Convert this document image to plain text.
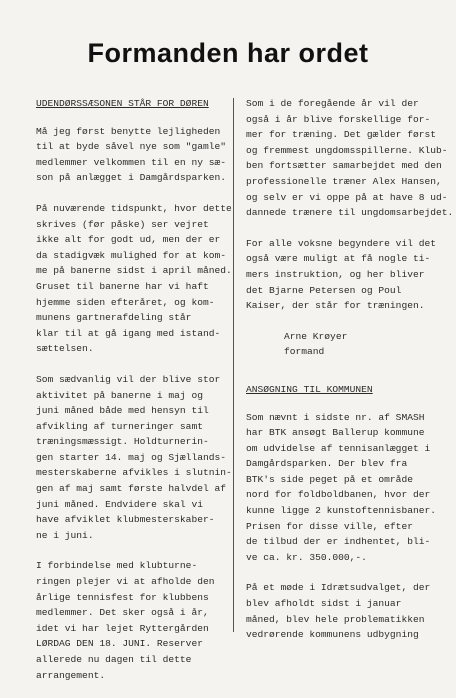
Formanden har ordet
UDENDØRSSÆSONEN STÅR FOR DØREN
Må jeg først benytte lejligheden
til at byde såvel nye som "gamle"
medlemmer velkommen til en ny sæ-
son på anlægget i Damgårdsparken.
På nuværende tidspunkt, hvor dette
skrives (før påske) ser vejret
ikke alt for godt ud, men der er
da stadigvæk mulighed for at kom-
me på banerne sidst i april måned.
Gruset til banerne har vi haft
hjemme siden efteråret, og kom-
munens gartnerafdeling står
klar til at gå igang med istand-
sættelsen.
Som sædvanlig vil der blive stor
aktivitet på banerne i maj og
juni måned både med hensyn til
afvikling af turneringer samt
træningsmæssigt. Holdturnerin-
gen starter 14. maj og Sjællands-
mesterskaberne afvikles i slutnin-
gen af maj samt første halvdel af
juni måned. Endvidere skal vi
have afviklet klubmesterskaber-
ne i juni.
I forbindelse med klubturne-
ringen plejer vi at afholde den
årlige tennisfest for klubbens
medlemmer. Det sker også i år,
idet vi har lejet Ryttergården
LØRDAG DEN 18. JUNI. Reserver
allerede nu dagen til dette
arrangement.
Som i de foregående år vil der
også i år blive forskellige for-
mer for træning. Det gælder først
og fremmest ungdomsspillerne. Klub-
ben fortsætter samarbejdet med den
professionelle træner Alex Hansen,
og selv er vi oppe på at have 8 ud-
dannede trænere til ungdomsarbejdet.
For alle voksne begyndere vil det
også være muligt at få nogle ti-
mers instruktion, og her bliver
det Bjarne Petersen og Poul
Kaiser, der står for træningen.
Arne Krøyer
formand
ANSØGNING TIL KOMMUNEN
Som nævnt i sidste nr. af SMASH
har BTK ansøgt Ballerup kommune
om udvidelse af tennisanlægget i
Damgårdsparken. Der blev fra
BTK's side peget på et område
nord for foldboldbanen, hvor der
kunne ligge 2 kunstoftennisbaner.
Prisen for disse ville, efter
de tilbud der er indhentet, bli-
ve ca. kr. 350.000,-.
På et møde i Idrætsudvalget, der
blev afholdt sidst i januar
måned, blev hele problematikken
vedrørende kommunens udbygning
